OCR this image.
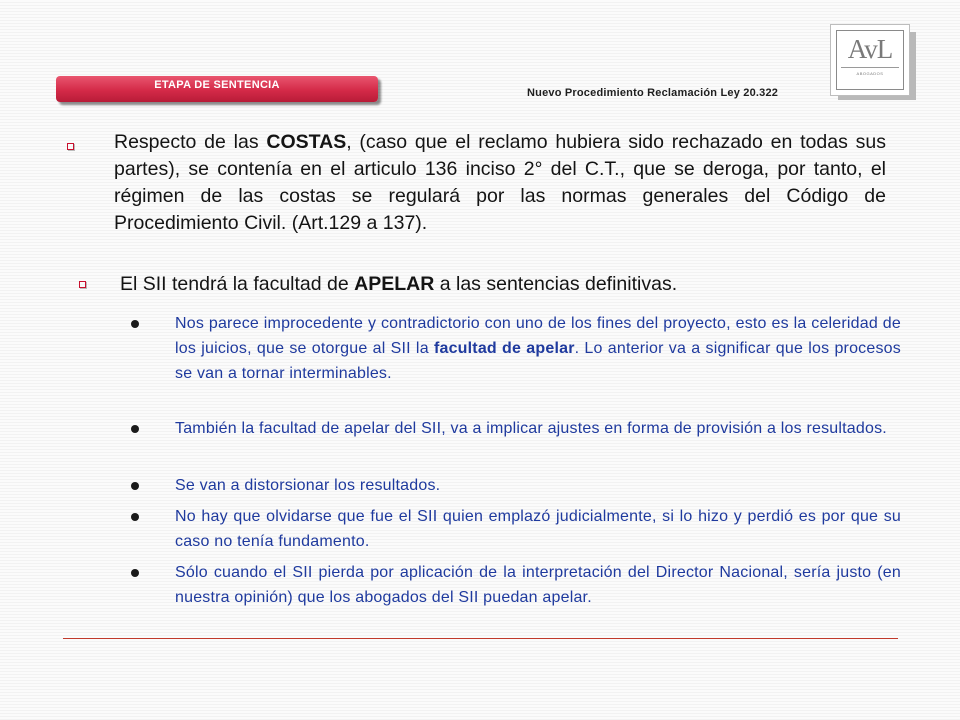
ETAPA DE SENTENCIA
Nuevo Procedimiento Reclamación Ley 20.322
AvL
ABOGADOS
Respecto de las COSTAS, (caso que el reclamo hubiera sido rechazado en todas sus partes), se contenía en el articulo 136 inciso 2° del C.T., que se deroga, por tanto, el régimen de las costas se regulará por las normas generales del Código de Procedimiento Civil. (Art.129 a 137).
El SII tendrá la facultad de APELAR a las sentencias definitivas.
Nos parece improcedente y contradictorio con uno de los fines del proyecto, esto es la celeridad de los juicios, que se otorgue al SII la facultad de apelar. Lo anterior va a significar que los procesos se van a tornar interminables.
También la facultad de apelar del SII, va a implicar ajustes en forma de provisión a los resultados.
Se van a distorsionar los resultados.
No hay que olvidarse que fue el SII quien emplazó judicialmente, si lo hizo y perdió es por que su caso no tenía fundamento.
Sólo cuando el SII pierda por aplicación de la interpretación del Director Nacional, sería justo (en nuestra opinión) que los abogados del SII puedan apelar.
